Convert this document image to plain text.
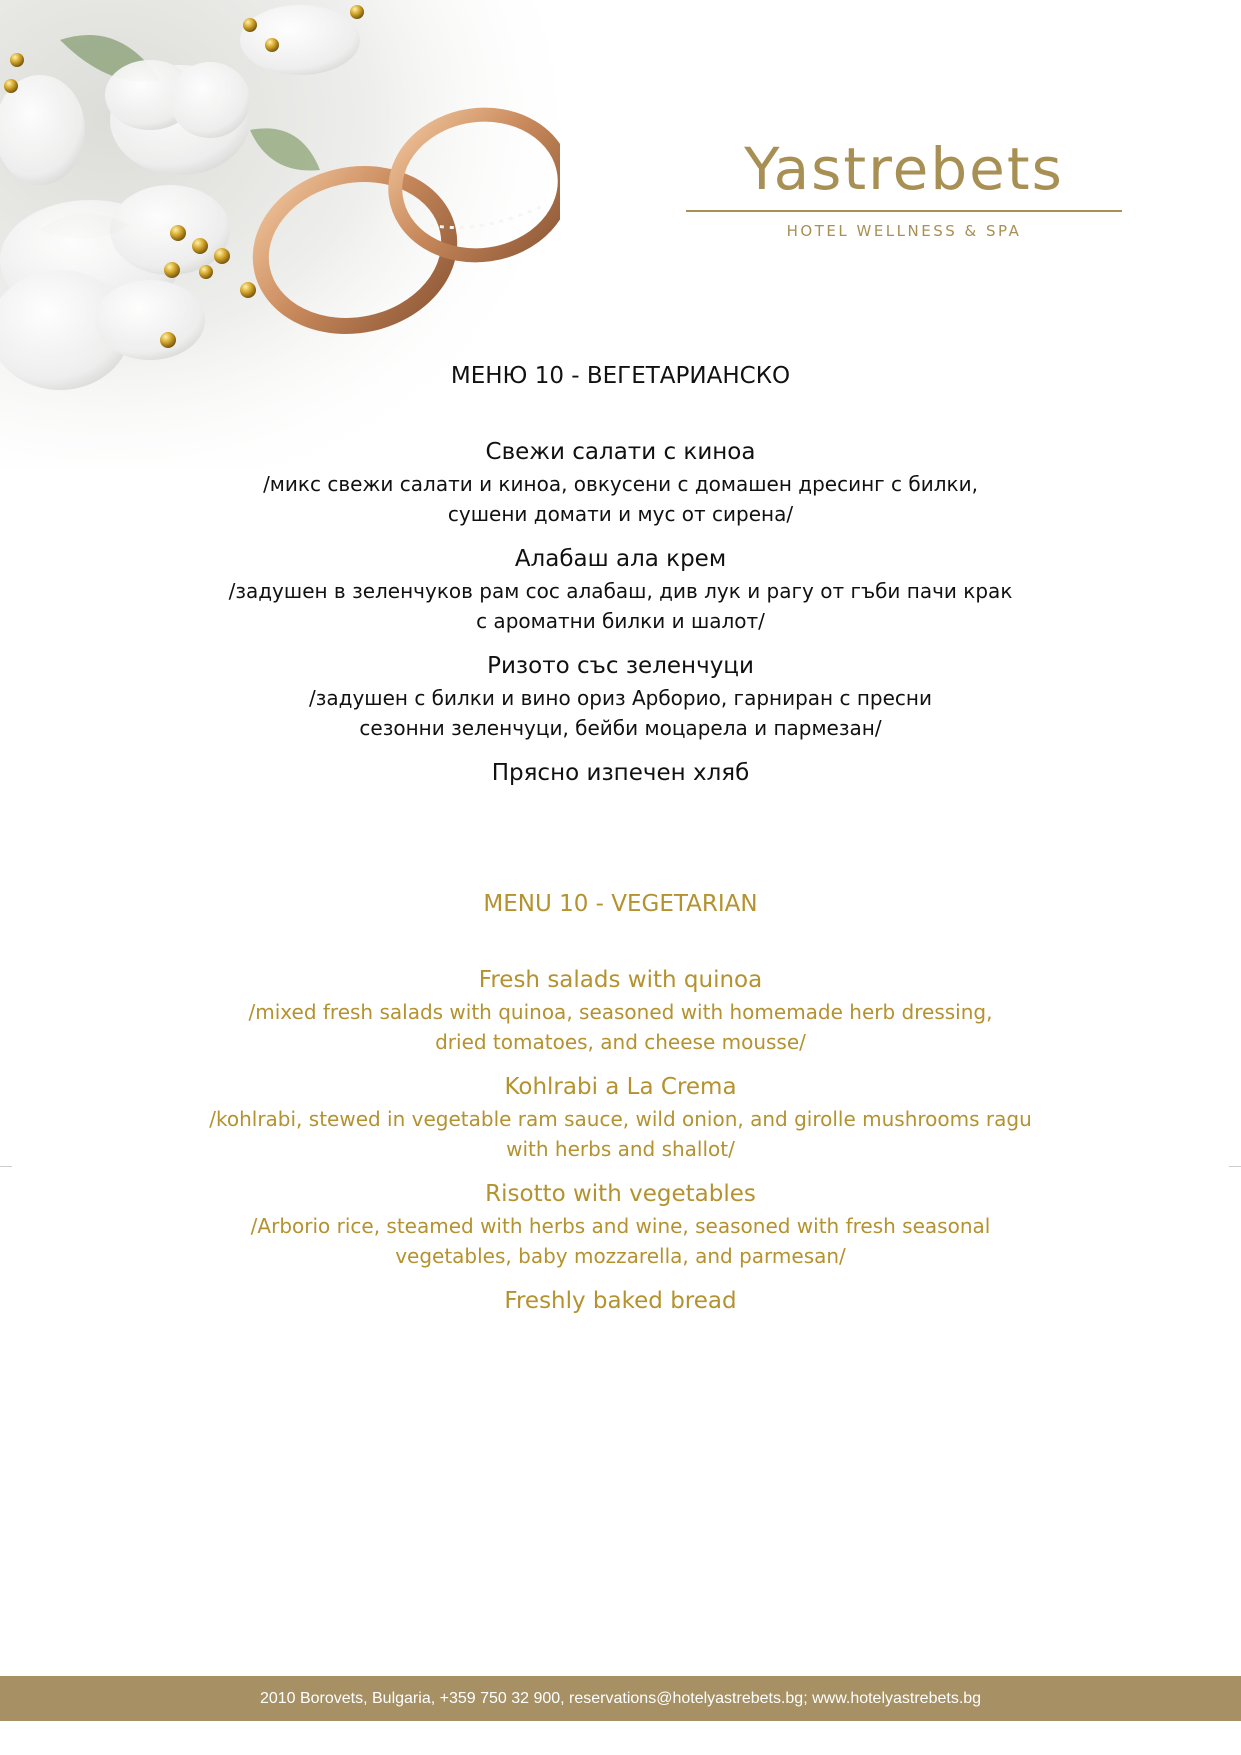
Yastrebets
HOTEL WELLNESS & SPA
МЕНЮ 10 - ВЕГЕТАРИАНСКО
Свежи салати с киноа
/микс свежи салати и киноа, овкусени с домашен дресинг с билки,
сушени домати и мус от сирена/
Алабаш ала крем
/задушен в зеленчуков рам сос алабаш, див лук и рагу от гъби пачи крак
с ароматни билки и шалот/
Ризото със зеленчуци
/задушен с билки и вино ориз Арборио, гарниран с пресни
сезонни зеленчуци, бейби моцарела и пармезан/
Прясно изпечен хляб
MENU 10 - VEGETARIAN
Fresh salads with quinoa
/mixed fresh salads with quinoa, seasoned with homemade herb dressing,
dried tomatoes, and cheese mousse/
Kohlrabi a La Crema
/kohlrabi, stewed in vegetable ram sauce, wild onion, and girolle mushrooms ragu
with herbs and shallot/
Risotto with vegetables
/Arborio rice, steamed with herbs and wine, seasoned with fresh seasonal
vegetables, baby mozzarella, and parmesan/
Freshly baked bread
2010 Borovets, Bulgaria, +359 750 32 900, reservations@hotelyastrebets.bg; www.hotelyastrebets.bg
